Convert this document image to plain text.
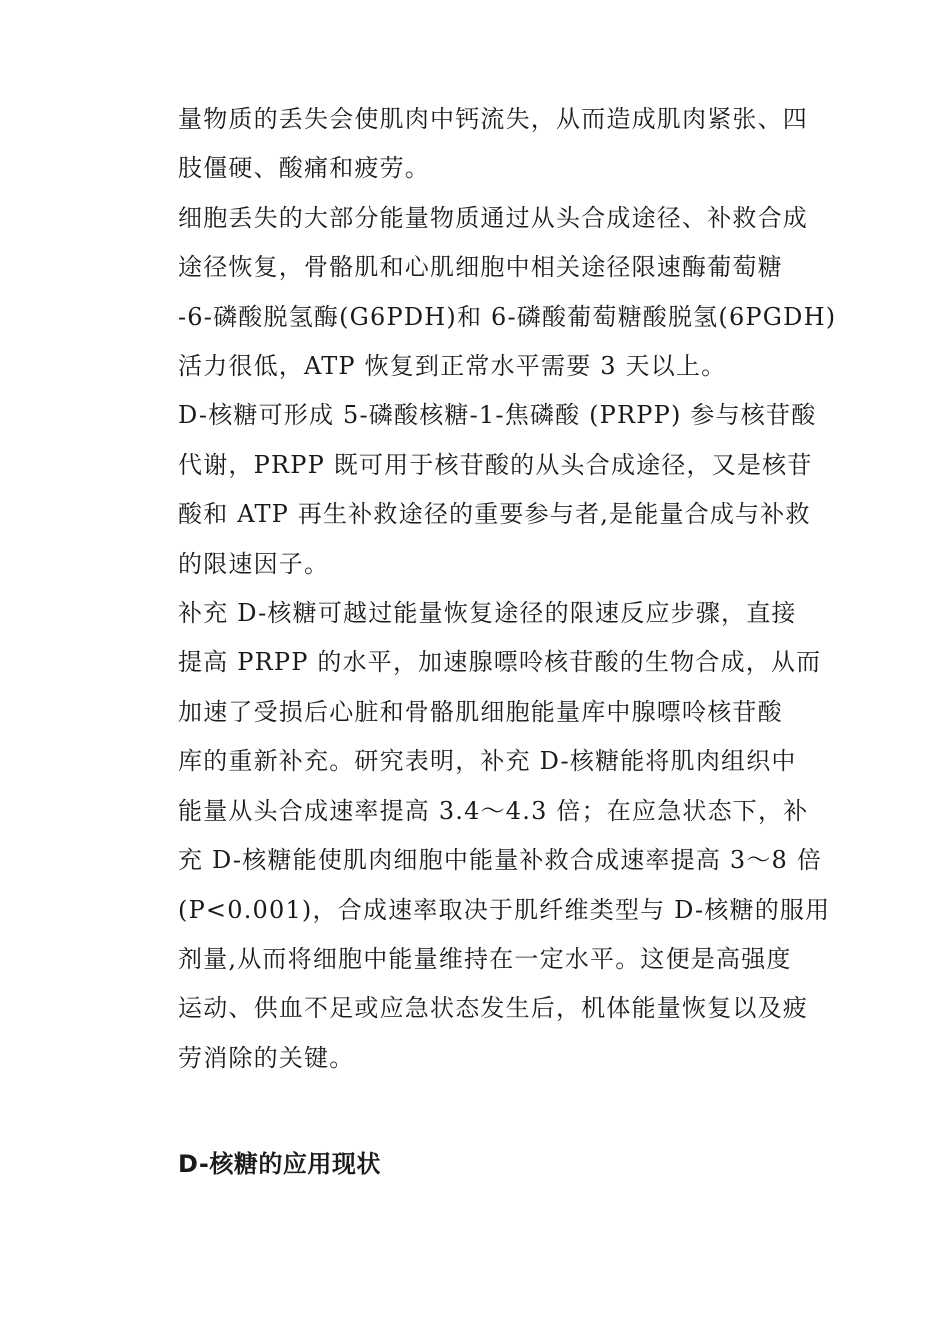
量物质的丢失会使肌肉中钙流失，从而造成肌肉紧张、四

肢僵硬、酸痛和疲劳。

细胞丢失的大部分能量物质通过从头合成途径、补救合成

途径恢复，骨骼肌和心肌细胞中相关途径限速酶葡萄糖

-6-磷酸脱氢酶(G6PDH)和 6-磷酸葡萄糖酸脱氢(6PGDH)

活力很低，ATP 恢复到正常水平需要 3 天以上。

D-核糖可形成 5-磷酸核糖-1-焦磷酸 (PRPP) 参与核苷酸

代谢，PRPP 既可用于核苷酸的从头合成途径，又是核苷

酸和 ATP 再生补救途径的重要参与者,是能量合成与补救

的限速因子。

补充 D-核糖可越过能量恢复途径的限速反应步骤，直接

提高 PRPP 的水平，加速腺嘌呤核苷酸的生物合成，从而

加速了受损后心脏和骨骼肌细胞能量库中腺嘌呤核苷酸

库的重新补充。研究表明，补充 D-核糖能将肌肉组织中

能量从头合成速率提高 3.4～4.3 倍；在应急状态下，补

充 D-核糖能使肌肉细胞中能量补救合成速率提高 3～8 倍

(P<0.001)，合成速率取决于肌纤维类型与 D-核糖的服用

剂量,从而将细胞中能量维持在一定水平。这便是高强度

运动、供血不足或应急状态发生后，机体能量恢复以及疲

劳消除的关键。

D-核糖的应用现状
